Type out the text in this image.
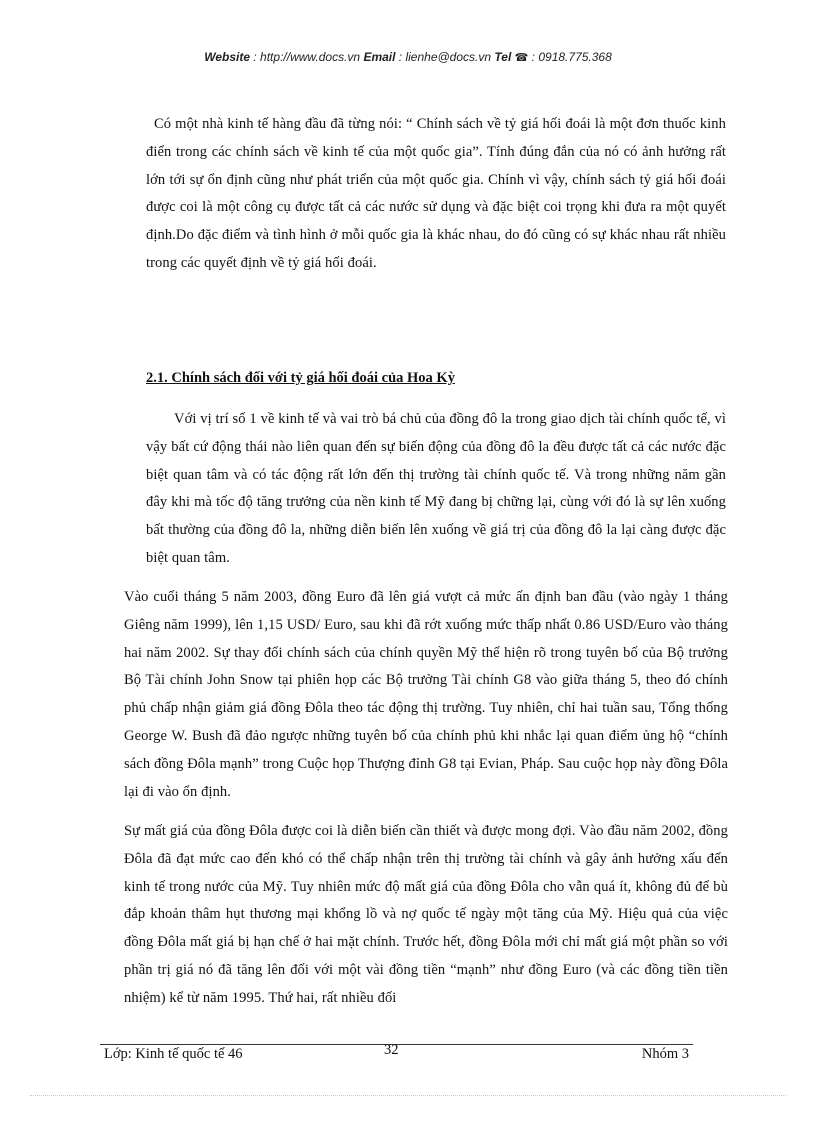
Website : http://www.docs.vn Email : lienhe@docs.vn Tel ☎ : 0918.775.368
Có một nhà kinh tế hàng đầu đã từng nói: “ Chính sách về tỷ giá hối đoái là một đơn thuốc kinh điển trong các chính sách về kinh tế của một quốc gia”. Tính đúng đắn của nó có ảnh hưởng rất lớn tới sự ổn định cũng như phát triển của một quốc gia. Chính vì vậy, chính sách tỷ giá hối đoái được coi là một công cụ được tất cả các nước sử dụng và đặc biệt coi trọng khi đưa ra một quyết định.Do đặc điểm và tình hình ở mỗi quốc gia là khác nhau, do đó cũng có sự khác nhau rất nhiều trong các quyết định về tỷ giá hối đoái.
2.1. Chính sách đối với tỷ giá hối đoái của Hoa Kỳ
Với vị trí số 1 về kinh tế và vai trò bá chủ của đồng đô la trong giao dịch tài chính quốc tế, vì vậy bất cứ động thái nào liên quan đến sự biến động của đồng đô la đều được tất cả các nước đặc biệt quan tâm và có tác động rất lớn đến thị trường tài chính quốc tế. Và trong những năm gần đây khi mà tốc độ tăng trưởng của nền kinh tế Mỹ đang bị chững lại, cùng với đó là sự lên xuống bất thường của đồng đô la, những diễn biến lên xuống về giá trị của đồng đô la lại càng được đặc biệt quan tâm.
Vào cuối tháng 5 năm 2003, đồng Euro đã lên giá vượt cả mức ấn định ban đầu (vào ngày 1 tháng Giêng năm 1999), lên 1,15 USD/ Euro, sau khi đã rớt xuống mức thấp nhất 0.86 USD/Euro vào tháng hai năm 2002. Sự thay đổi chính sách của chính quyền Mỹ thể hiện rõ trong tuyên bố của Bộ trưởng Bộ Tài chính John Snow tại phiên họp các Bộ trưởng Tài chính G8 vào giữa tháng 5, theo đó chính phủ chấp nhận giảm giá đồng Đôla theo tác động thị trường. Tuy nhiên, chỉ hai tuần sau, Tổng thống George W. Bush đã đảo ngược những tuyên bố của chính phủ khi nhắc lại quan điểm ủng hộ “chính sách đồng Đôla mạnh” trong Cuộc họp Thượng đỉnh G8 tại Evian, Pháp. Sau cuộc họp này đồng Đôla lại đi vào ổn định.
Sự mất giá của đồng Đôla được coi là diễn biến cần thiết và được mong đợi. Vào đầu năm 2002, đồng Đôla đã đạt mức cao đến khó có thể chấp nhận trên thị trường tài chính và gây ảnh hưởng xấu đến kinh tế trong nước của Mỹ. Tuy nhiên mức độ mất giá của đồng Đôla cho vẫn quá ít, không đủ để bù đắp khoản thâm hụt thương mại khổng lồ và nợ quốc tế ngày một tăng của Mỹ. Hiệu quả của việc đồng Đôla mất giá bị hạn chế ở hai mặt chính. Trước hết, đồng Đôla mới chỉ mất giá một phần so với phần trị giá nó đã tăng lên đối với một vài đồng tiền “mạnh” như đồng Euro (và các đồng tiền tiền nhiệm) kể từ năm 1995. Thứ hai, rất nhiều đối
Lớp: Kinh tế quốc tế 46	32	Nhóm 3
